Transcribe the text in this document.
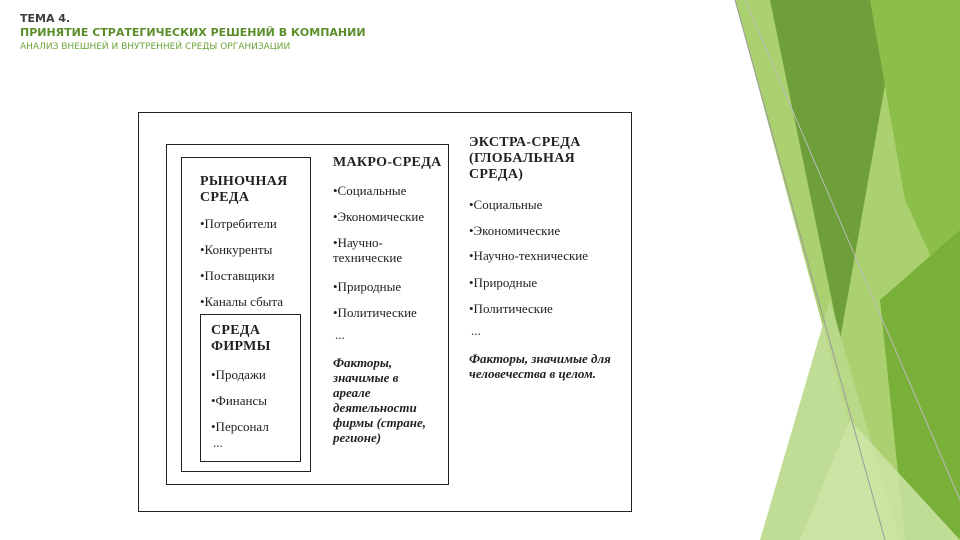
ТЕМА 4.
ПРИНЯТИЕ СТРАТЕГИЧЕСКИХ РЕШЕНИЙ В КОМПАНИИ
АНАЛИЗ ВНЕШНЕЙ И ВНУТРЕННЕЙ СРЕДЫ ОРГАНИЗАЦИИ
ЭКСТРА-СРЕДА (ГЛОБАЛЬНАЯ СРЕДА)
•Социальные
•Экономические
•Научно-технические
•Природные
•Политические
...
Факторы, значимые для человечества в целом.
МАКРО-СРЕДА
•Социальные
•Экономические
•Научно-техническиe
•Природные
•Политические
...
Факторы, значимые в ареале деятельности фирмы (стране, регионе)
РЫНОЧНАЯ СРЕДА
•Потребители
•Конкуренты
•Поставщики
•Каналы сбыта
СРЕДА ФИРМЫ
•Продажи
•Финансы
•Персонал
...
